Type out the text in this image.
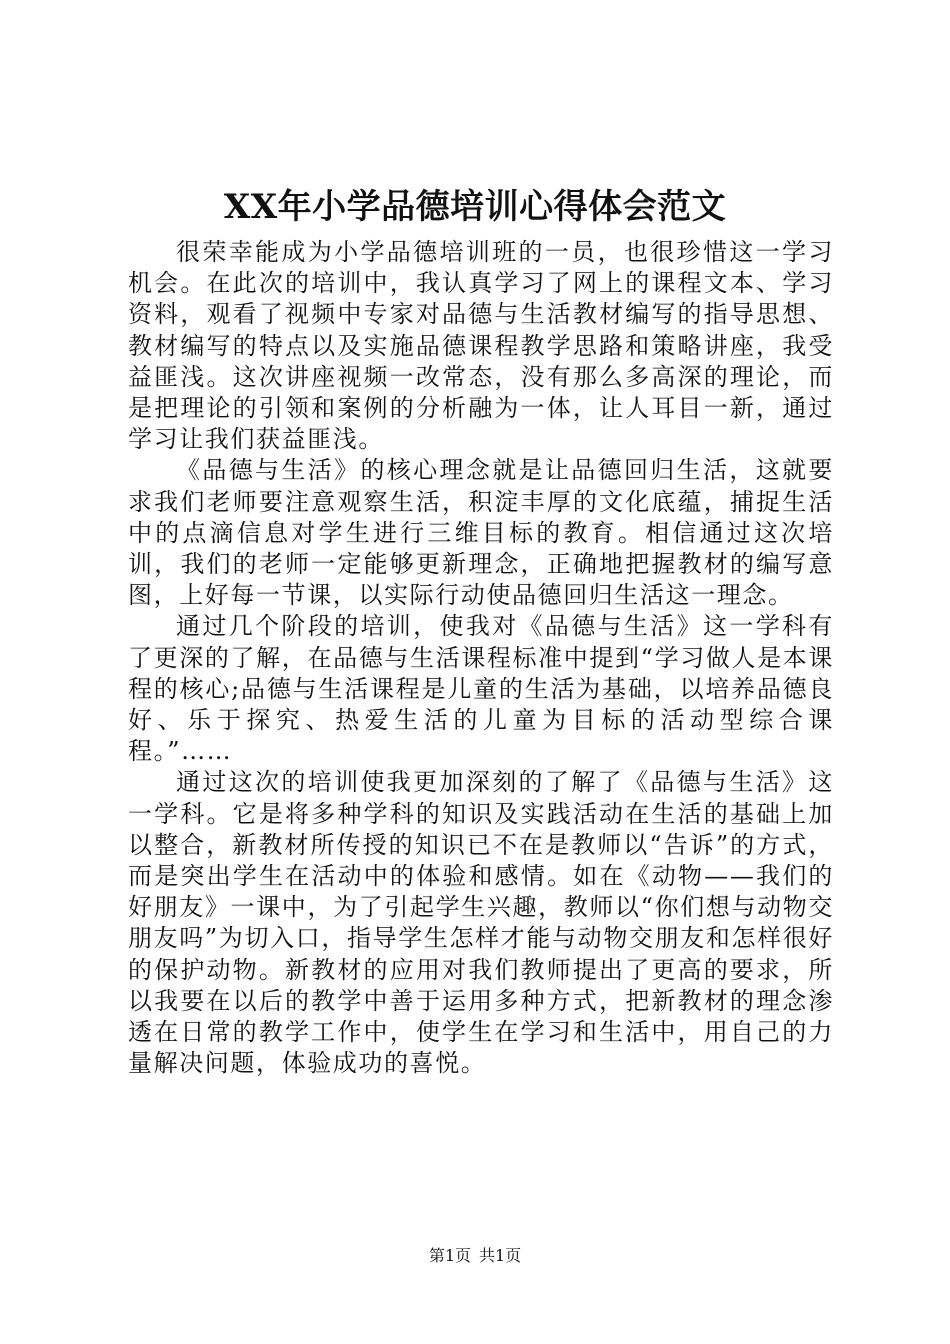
XX年小学品德培训心得体会范文

很荣幸能成为小学品德培训班的一员，也很珍惜这一学习机会。在此次的培训中，我认真学习了网上的课程文本、学习资料，观看了视频中专家对品德与生活教材编写的指导思想、教材编写的特点以及实施品德课程教学思路和策略讲座，我受益匪浅。这次讲座视频一改常态，没有那么多高深的理论，而是把理论的引领和案例的分析融为一体，让人耳目一新，通过学习让我们获益匪浅。

《品德与生活》的核心理念就是让品德回归生活，这就要求我们老师要注意观察生活，积淀丰厚的文化底蕴，捕捉生活中的点滴信息对学生进行三维目标的教育。相信通过这次培训，我们的老师一定能够更新理念，正确地把握教材的编写意图，上好每一节课，以实际行动使品德回归生活这一理念。

通过几个阶段的培训，使我对《品德与生活》这一学科有了更深的了解，在品德与生活课程标准中提到“学习做人是本课程的核心;品德与生活课程是儿童的生活为基础，以培养品德良好、乐于探究、热爱生活的儿童为目标的活动型综合课程。”……

通过这次的培训使我更加深刻的了解了《品德与生活》这一学科。它是将多种学科的知识及实践活动在生活的基础上加以整合，新教材所传授的知识已不在是教师以“告诉”的方式，而是突出学生在活动中的体验和感情。如在《动物——我们的好朋友》一课中，为了引起学生兴趣，教师以“你们想与动物交朋友吗”为切入口，指导学生怎样才能与动物交朋友和怎样很好的保护动物。新教材的应用对我们教师提出了更高的要求，所以我要在以后的教学中善于运用多种方式，把新教材的理念渗透在日常的教学工作中，使学生在学习和生活中，用自己的力量解决问题，体验成功的喜悦。

第1页 共1页
